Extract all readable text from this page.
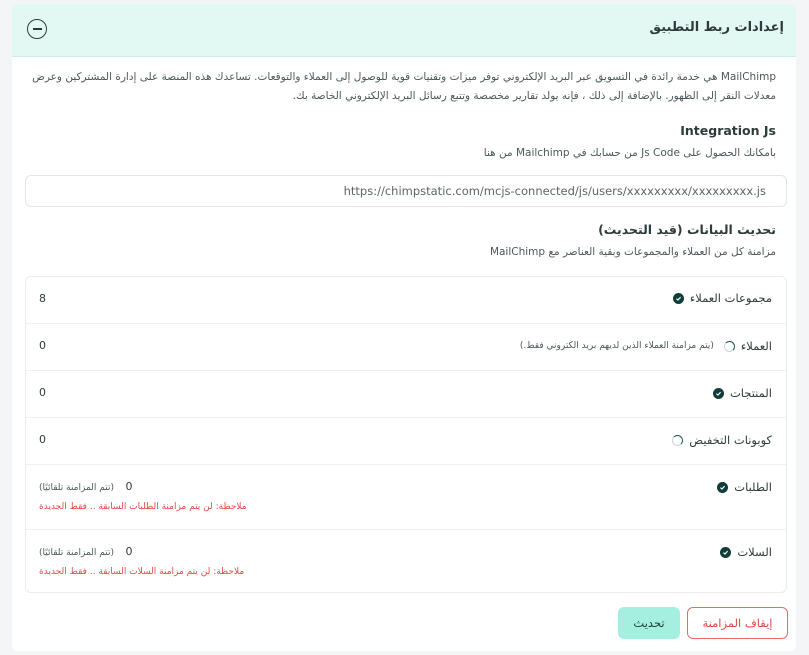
إعدادات ربط التطبيق
MailChimp هي خدمة رائدة في التسويق عبر البريد الإلكتروني توفر ميزات وتقنيات قوية للوصول إلى العملاء والتوقعات. تساعدك هذه المنصة على إدارة المشتركين وعرض معدلات النقر إلى الظهور. بالإضافة إلى ذلك ، فإنه يولد تقارير مخصصة وتتبع رسائل البريد الإلكتروني الخاصة بك.
Integration Js
بامكانك الحصول على Js Code من حسابك في Mailchimp من هنا
https://chimpstatic.com/mcjs-connected/js/users/xxxxxxxxx/xxxxxxxxx.js
تحديث البيانات (قيد التحديث)
مزامنة كل من العملاء والمجموعات وبقية العناصر مع MailChimp
مجموعات العملاء
8
العملاء
(يتم مزامنة العملاء الذين لديهم بريد الكتروني فقط.)
0
المنتجات
0
كوبونات التخفيض
0
الطلبات
0 (تتم المزامنة تلقائيًا)
ملاحظة: لن يتم مزامنة الطلبات السابقة .. فقط الجديدة
السلات
0 (تتم المزامنة تلقائيًا)
ملاحظة: لن يتم مزامنة السلات السابقة .. فقط الجديدة
إيقاف المزامنة
تحديث
